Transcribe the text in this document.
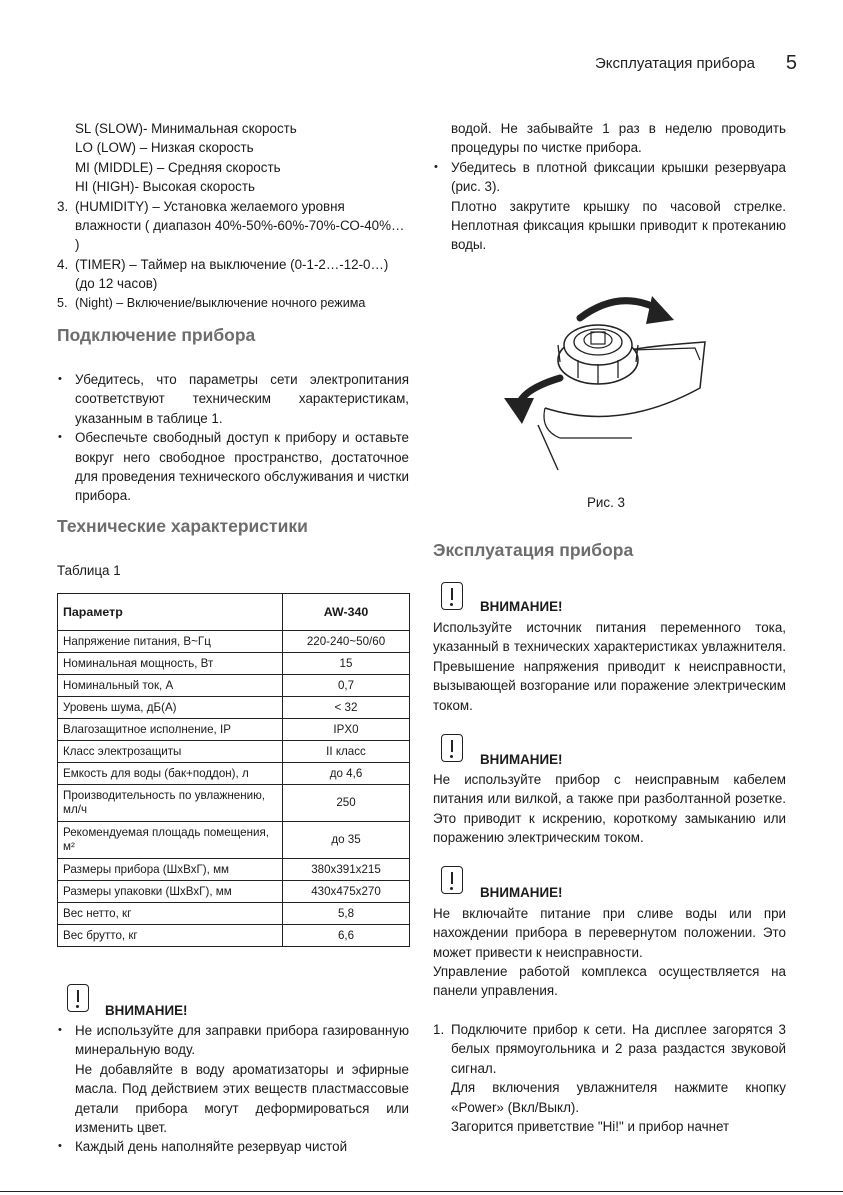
Эксплуатация прибора 5

SL (SLOW)- Минимальная скорость

LO (LOW) – Низкая скорость

MI (MIDDLE) – Средняя скорость

HI (HIGH)- Высокая скорость

3. (HUMIDITY) – Установка желаемого уровня влажности ( диапазон 40%-50%-60%-70%-СО-40%… )

4. (TIMER) – Таймер на выключение (0-1-2…-12-0…) (до 12 часов)

5. (Night) – Включение/выключение ночного режима

Подключение прибора

• Убедитесь, что параметры сети электропитания соответствуют техническим характеристикам, указанным в таблице 1.

• Обеспечьте свободный доступ к прибору и оставьте вокруг него свободное пространство, достаточное для проведения технического обслуживания и чистки прибора.

Технические характеристики
Таблица 1
Параметр	AW-340
Напряжение питания, В~Гц	220-240~50/60
Номинальная мощность, Вт	15
Номинальный ток, А	0,7
Уровень шума, дБ(А)	< 32
Влагозащитное исполнение, IP	IPX0
Класс электрозащиты	II класс
Емкость для воды (бак+поддон), л	до 4,6
Производительность по увлажнению, мл/ч	250
Рекомендуемая площадь помещения, м²	до 35
Размеры прибора (ШхВхГ), мм	380x391x215
Размеры упаковки (ШхВхГ), мм	430x475x270
Вес нетто, кг	5,8
Вес брутто, кг	6,6
ВНИМАНИЕ!

• Не используйте для заправки прибора газированную минеральную воду.

Не добавляйте в воду ароматизаторы и эфирные масла. Под действием этих веществ пластмассовые детали прибора могут деформироваться или изменить цвет.

• Каждый день наполняйте резервуар чистой

водой. Не забывайте 1 раз в неделю проводить процедуры по чистке прибора.

• Убедитесь в плотной фиксации крышки резервуара (рис. 3).

Плотно закрутите крышку по часовой стрелке. Неплотная фиксация крышки приводит к протеканию воды.

Рис. 3
Эксплуатация прибора
ВНИМАНИЕ!
Используйте источник питания переменного тока, указанный в технических характеристиках увлажнителя. Превышение напряжения приводит к неисправности, вызывающей возгорание или поражение электрическим током.
ВНИМАНИЕ!
Не используйте прибор с неисправным кабелем питания или вилкой, а также при разболтанной розетке. Это приводит к искрению, короткому замыканию или поражению электрическим током.
ВНИМАНИЕ!
Не включайте питание при сливе воды или при нахождении прибора в перевернутом положении. Это может привести к неисправности.
Управление работой комплекса осуществляется на панели управления.

1. Подключите прибор к сети. На дисплее загорятся 3 белых прямоугольника и 2 раза раздастся звуковой сигнал.

Для включения увлажнителя нажмите кнопку «Power» (Вкл/Выкл).

Загорится приветствие "Hi!" и прибор начнет
